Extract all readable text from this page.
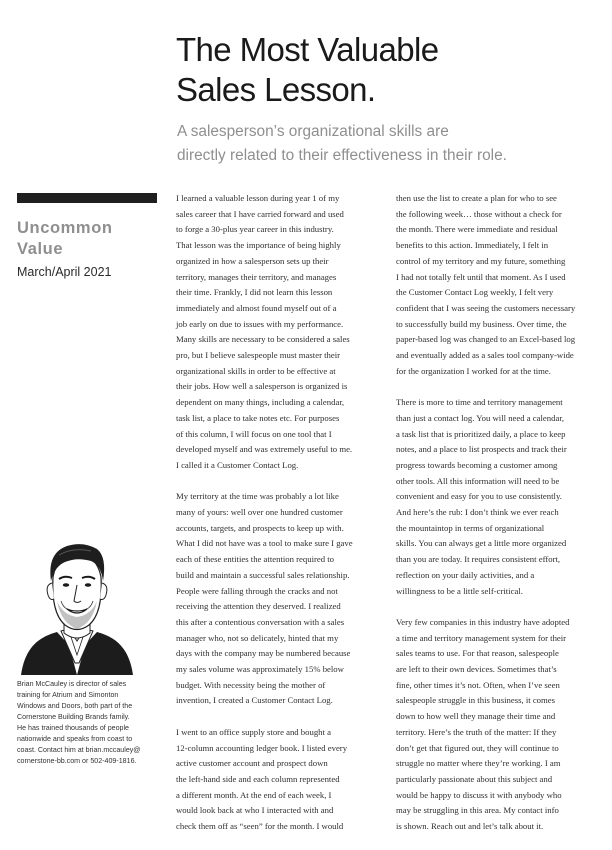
The Most Valuable
Sales Lesson.

A salesperson’s organizational skills are
directly related to their effectiveness in their role.

Uncommon
Value
March/April 2021

Brian McCauley is director of sales
training for Atrium and Simonton
Windows and Doors, both part of the
Cornerstone Building Brands family.
He has trained thousands of people
nationwide and speaks from coast to
coast. Contact him at brian.mccauley@
cornerstone-bb.com or 502-409-1816.

I learned a valuable lesson during year 1 of my
sales career that I have carried forward and used
to forge a 30-plus year career in this industry.
That lesson was the importance of being highly
organized in how a salesperson sets up their
territory, manages their territory, and manages
their time. Frankly, I did not learn this lesson
immediately and almost found myself out of a
job early on due to issues with my performance.
Many skills are necessary to be considered a sales
pro, but I believe salespeople must master their
organizational skills in order to be effective at
their jobs. How well a salesperson is organized is
dependent on many things, including a calendar,
task list, a place to take notes etc. For purposes
of this column, I will focus on one tool that I
developed myself and was extremely useful to me.
I called it a Customer Contact Log.

My territory at the time was probably a lot like
many of yours: well over one hundred customer
accounts, targets, and prospects to keep up with.
What I did not have was a tool to make sure I gave
each of these entities the attention required to
build and maintain a successful sales relationship.
People were falling through the cracks and not
receiving the attention they deserved. I realized
this after a contentious conversation with a sales
manager who, not so delicately, hinted that my
days with the company may be numbered because
my sales volume was approximately 15% below
budget. With necessity being the mother of
invention, I created a Customer Contact Log.

I went to an office supply store and bought a
12-column accounting ledger book. I listed every
active customer account and prospect down
the left-hand side and each column represented
a different month. At the end of each week, I
would look back at who I interacted with and
check them off as “seen” for the month. I would

then use the list to create a plan for who to see
the following week… those without a check for
the month. There were immediate and residual
benefits to this action. Immediately, I felt in
control of my territory and my future, something
I had not totally felt until that moment. As I used
the Customer Contact Log weekly, I felt very
confident that I was seeing the customers necessary
to successfully build my business. Over time, the
paper-based log was changed to an Excel-based log
and eventually added as a sales tool company-wide
for the organization I worked for at the time.

There is more to time and territory management
than just a contact log. You will need a calendar,
a task list that is prioritized daily, a place to keep
notes, and a place to list prospects and track their
progress towards becoming a customer among
other tools. All this information will need to be
convenient and easy for you to use consistently.
And here’s the rub: I don’t think we ever reach
the mountaintop in terms of organizational
skills. You can always get a little more organized
than you are today. It requires consistent effort,
reflection on your daily activities, and a
willingness to be a little self-critical.

Very few companies in this industry have adopted
a time and territory management system for their
sales teams to use. For that reason, salespeople
are left to their own devices. Sometimes that’s
fine, other times it’s not. Often, when I’ve seen
salespeople struggle in this business, it comes
down to how well they manage their time and
territory. Here’s the truth of the matter: If they
don’t get that figured out, they will continue to
struggle no matter where they’re working. I am
particularly passionate about this subject and
would be happy to discuss it with anybody who
may be struggling in this area. My contact info
is shown. Reach out and let’s talk about it.
